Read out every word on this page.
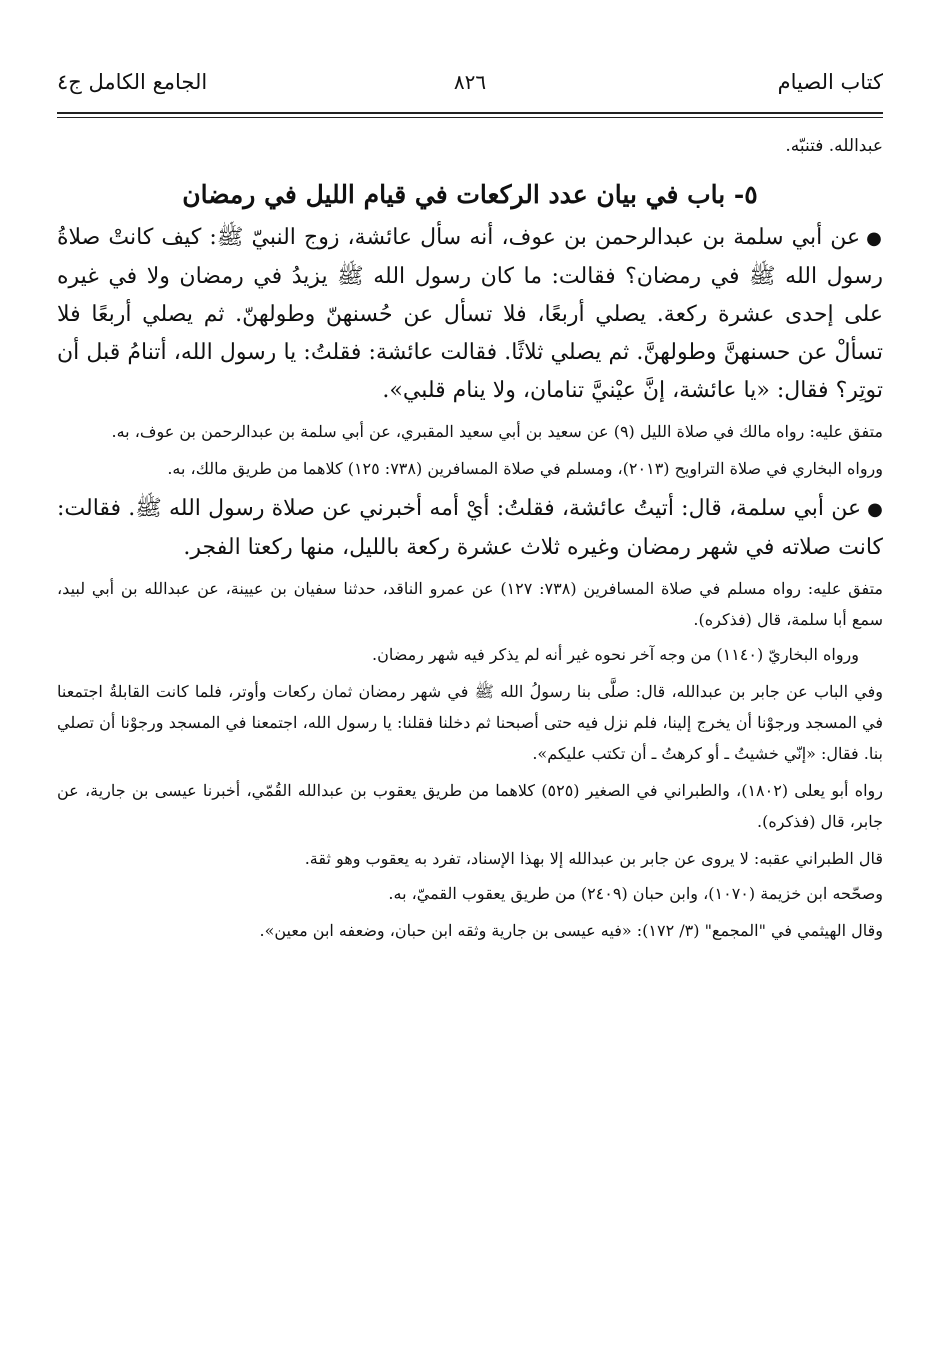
كتاب الصيام
٨٢٦
الجامع الكامل ج٤

عبدالله. فتنبّه.

٥- باب في بيان عدد الركعات في قيام الليل في رمضان

●عن أبي سلمة بن عبدالرحمن بن عوف، أنه سأل عائشة، زوج النبيّ ﷺ: كيف كانتْ صلاةُ رسول الله ﷺ في رمضان؟ فقالت: ما كان رسول الله ﷺ يزيدُ في رمضان ولا في غيره على إحدى عشرة ركعة. يصلي أربعًا، فلا تسأل عن حُسنهنّ وطولهنّ. ثم يصلي أربعًا فلا تسألْ عن حسنهنَّ وطولهنَّ. ثم يصلي ثلاثًا. فقالت عائشة: فقلتُ: يا رسول الله، أتنامُ قبل أن توتِر؟ فقال: «يا عائشة، إنَّ عيْنيَّ تنامان، ولا ينام قلبي».

متفق عليه: رواه مالك في صلاة الليل (٩) عن سعيد بن أبي سعيد المقبري، عن أبي سلمة بن عبدالرحمن بن عوف، به.

ورواه البخاري في صلاة التراويح (٢٠١٣)، ومسلم في صلاة المسافرين (٧٣٨: ١٢٥) كلاهما من طريق مالك، به.

●عن أبي سلمة، قال: أتيتُ عائشة، فقلتُ: أيْ أمه أخبرني عن صلاة رسول الله ﷺ. فقالت: كانت صلاته في شهر رمضان وغيره ثلاث عشرة ركعة بالليل، منها ركعتا الفجر.

متفق عليه: رواه مسلم في صلاة المسافرين (٧٣٨: ١٢٧) عن عمرو الناقد، حدثنا سفيان بن عيينة، عن عبدالله بن أبي لبيد، سمع أبا سلمة، قال (فذكره).

ورواه البخاريّ (١١٤٠) من وجه آخر نحوه غير أنه لم يذكر فيه شهر رمضان.

وفي الباب عن جابر بن عبدالله، قال: صلَّى بنا رسولُ الله ﷺ في شهر رمضان ثمان ركعات وأوتر، فلما كانت القابلةُ اجتمعنا في المسجد ورجوْنا أن يخرج إلينا، فلم نزل فيه حتى أصبحنا ثم دخلنا فقلنا: يا رسول الله، اجتمعنا في المسجد ورجوْنا أن تصلي بنا. فقال: «إنّي خشيتُ ـ أو كرهتُ ـ أن تكتب عليكم».

رواه أبو يعلى (١٨٠٢)، والطبراني في الصغير (٥٢٥) كلاهما من طريق يعقوب بن عبدالله القُمّي، أخبرنا عيسى بن جارية، عن جابر، قال (فذكره).

قال الطبراني عقبه: لا يروى عن جابر بن عبدالله إلا بهذا الإسناد، تفرد به يعقوب وهو ثقة.

وصحّحه ابن خزيمة (١٠٧٠)، وابن حبان (٢٤٠٩) من طريق يعقوب القميّ، به.

وقال الهيثمي في "المجمع" (٣/ ١٧٢): «فيه عيسى بن جارية وثقه ابن حبان، وضعفه ابن معين».
